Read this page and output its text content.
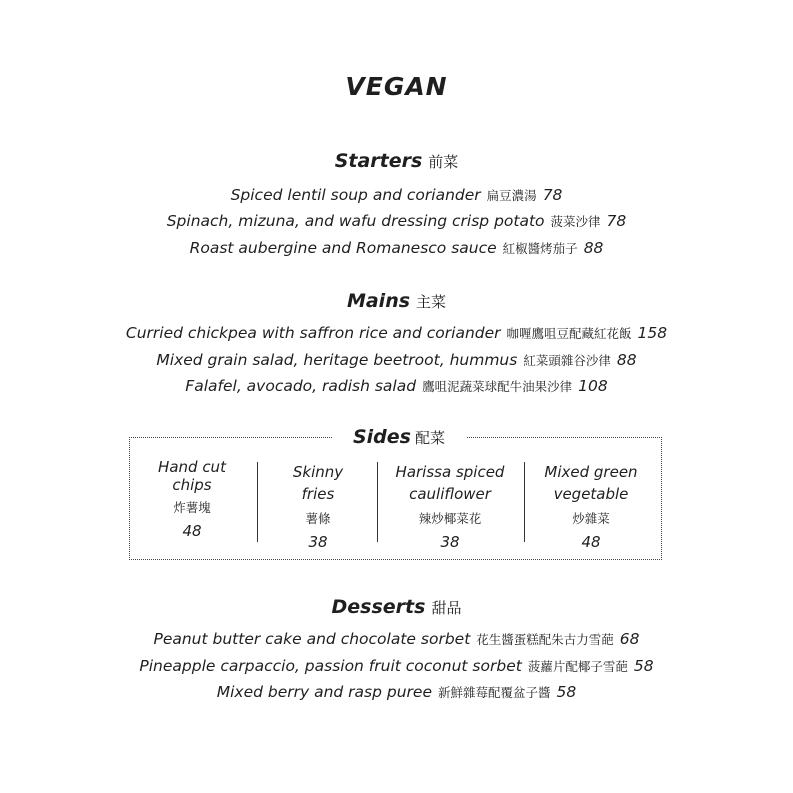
VEGAN
Starters 前菜
Spiced lentil soup and coriander 扁豆濃湯 78
Spinach, mizuna, and wafu dressing crisp potato 菠菜沙律 78
Roast aubergine and Romanesco sauce 紅椒醬烤茄子 88
Mains 主菜
Curried chickpea with saffron rice and coriander 咖喱鷹咀豆配藏紅花飯 158
Mixed grain salad, heritage beetroot, hummus 紅菜頭雜谷沙律 88
Falafel, avocado, radish salad 鷹咀泥蔬菜球配牛油果沙律 108
Sides 配菜
Hand cut
chips
炸薯塊
48
Skinny
fries
薯條
38
Harissa spiced
cauliflower
辣炒椰菜花
38
Mixed green
vegetable
炒雜菜
48
Desserts 甜品
Peanut butter cake and chocolate sorbet 花生醬蛋糕配朱古力雪葩 68
Pineapple carpaccio, passion fruit coconut sorbet 菠蘿片配椰子雪葩 58
Mixed berry and rasp puree 新鮮雜莓配覆盆子醬 58
